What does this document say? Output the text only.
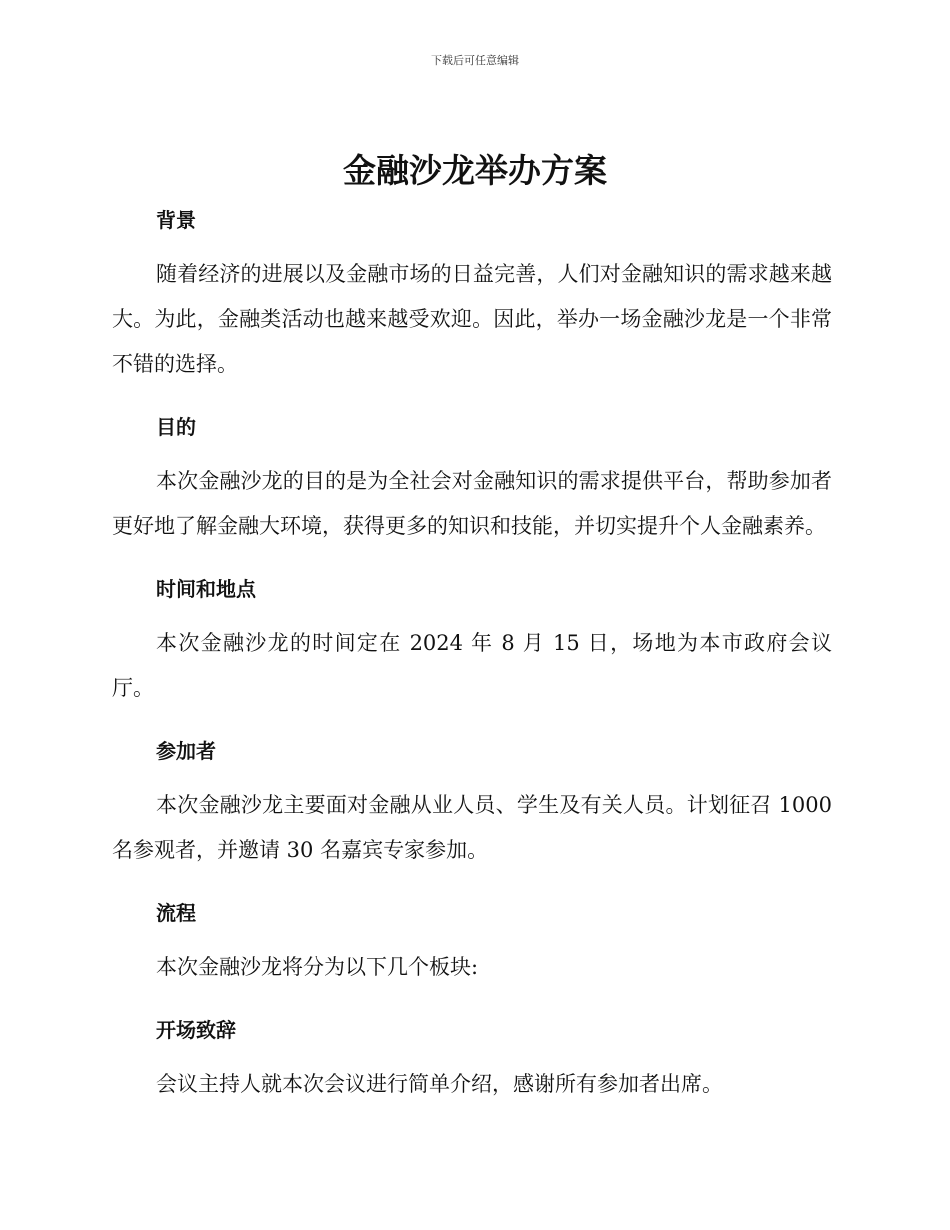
下载后可任意编辑
金融沙龙举办方案
背景

随着经济的进展以及金融市场的日益完善，人们对金融知识的需求越来越大。为此，金融类活动也越来越受欢迎。因此，举办一场金融沙龙是一个非常不错的选择。

目的

本次金融沙龙的目的是为全社会对金融知识的需求提供平台，帮助参加者更好地了解金融大环境，获得更多的知识和技能，并切实提升个人金融素养。

时间和地点

本次金融沙龙的时间定在 2024 年 8 月 15 日，场地为本市政府会议厅。

参加者

本次金融沙龙主要面对金融从业人员、学生及有关人员。计划征召 1000 名参观者，并邀请 30 名嘉宾专家参加。

流程

本次金融沙龙将分为以下几个板块:

开场致辞

会议主持人就本次会议进行简单介绍，感谢所有参加者出席。
